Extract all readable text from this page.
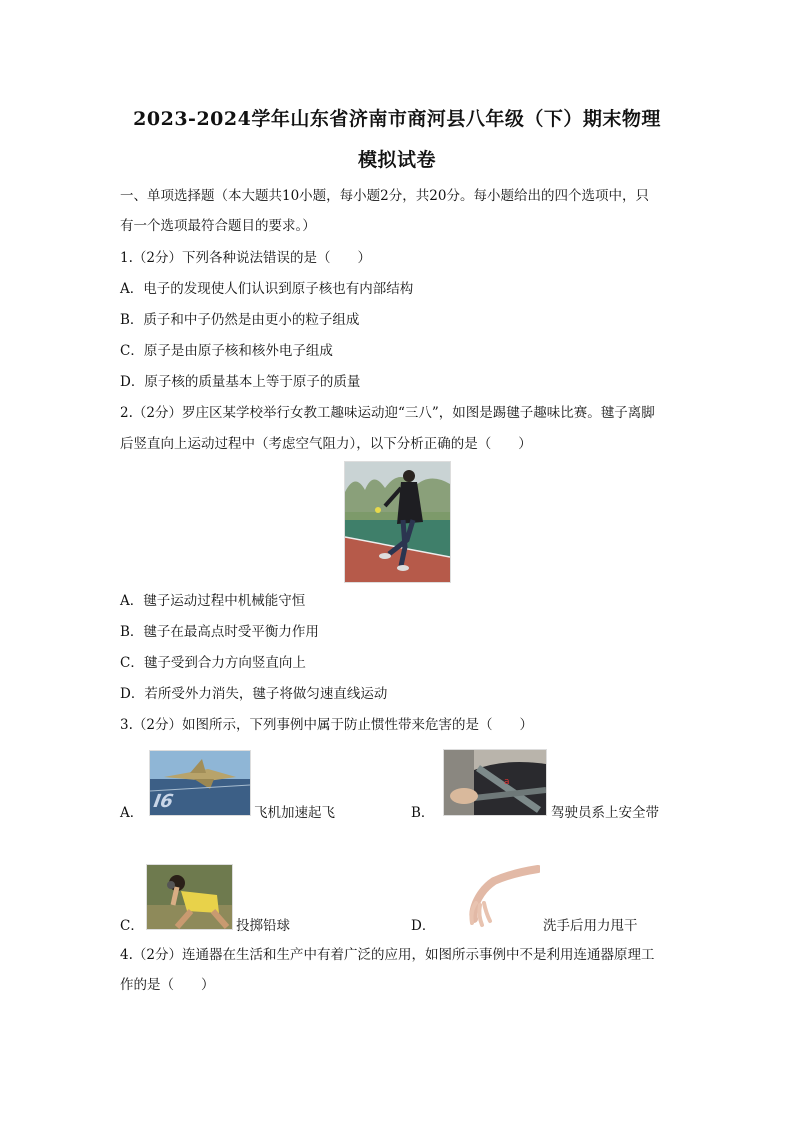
2023-2024学年山东省济南市商河县八年级（下）期末物理
模拟试卷
一、单项选择题（本大题共10小题，每小题2分，共20分。每小题给出的四个选项中，只
有一个选项最符合题目的要求。）
1.（2分）下列各种说法错误的是（　　）
A．电子的发现使人们认识到原子核也有内部结构
B．质子和中子仍然是由更小的粒子组成
C．原子是由原子核和核外电子组成
D．原子核的质量基本上等于原子的质量
2.（2分）罗庄区某学校举行女教工趣味运动迎“三八”，如图是踢毽子趣味比赛。毽子离脚
后竖直向上运动过程中（考虑空气阻力），以下分析正确的是（　　）
A．毽子运动过程中机械能守恒
B．毽子在最高点时受平衡力作用
C．毽子受到合力方向竖直向上
D．若所受外力消失，毽子将做匀速直线运动
3.（2分）如图所示，下列事例中属于防止惯性带来危害的是（　　）
A．
I6
飞机加速起飞	B．
a
驾驶员系上安全带
C．	投掷铅球	D．	洗手后用力甩干
4.（2分）连通器在生活和生产中有着广泛的应用，如图所示事例中不是利用连通器原理工
作的是（　　）
